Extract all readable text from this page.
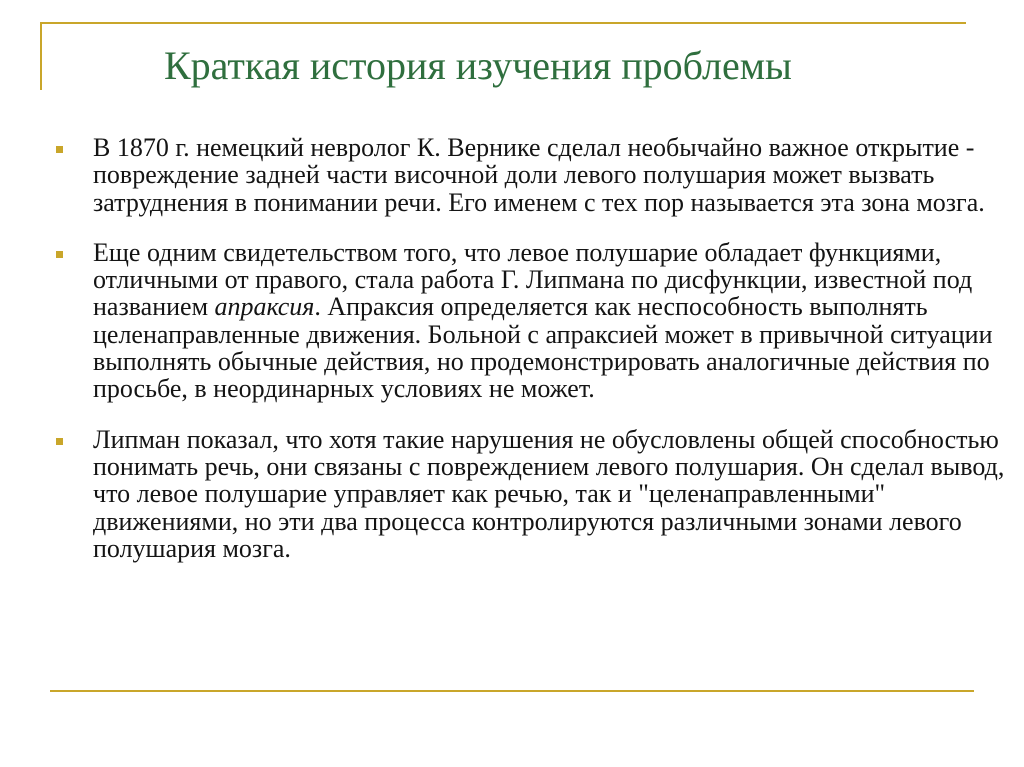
Краткая история изучения проблемы
В 1870 г. немецкий невролог К. Вернике сделал необычайно важное открытие - повреждение задней части височной доли левого полушария может вызвать затруднения в понимании речи. Его именем с тех пор называется эта зона мозга.
Еще одним свидетельством того, что левое полушарие обладает функциями, отличными от правого, стала работа Г. Липмана по дисфункции, известной под названием апраксия. Апраксия определяется как неспособность выполнять целенаправленные движения. Больной с апраксией может в привычной ситуации выполнять обычные действия, но продемонстрировать аналогичные действия по просьбе, в неординарных условиях не может.
Липман показал, что хотя такие нарушения не обусловлены общей способностью понимать речь, они связаны с повреждением левого полушария. Он сделал вывод, что левое полушарие управляет как речью, так и "целенаправленными" движениями, но эти два процесса контролируются различными зонами левого полушария мозга.
